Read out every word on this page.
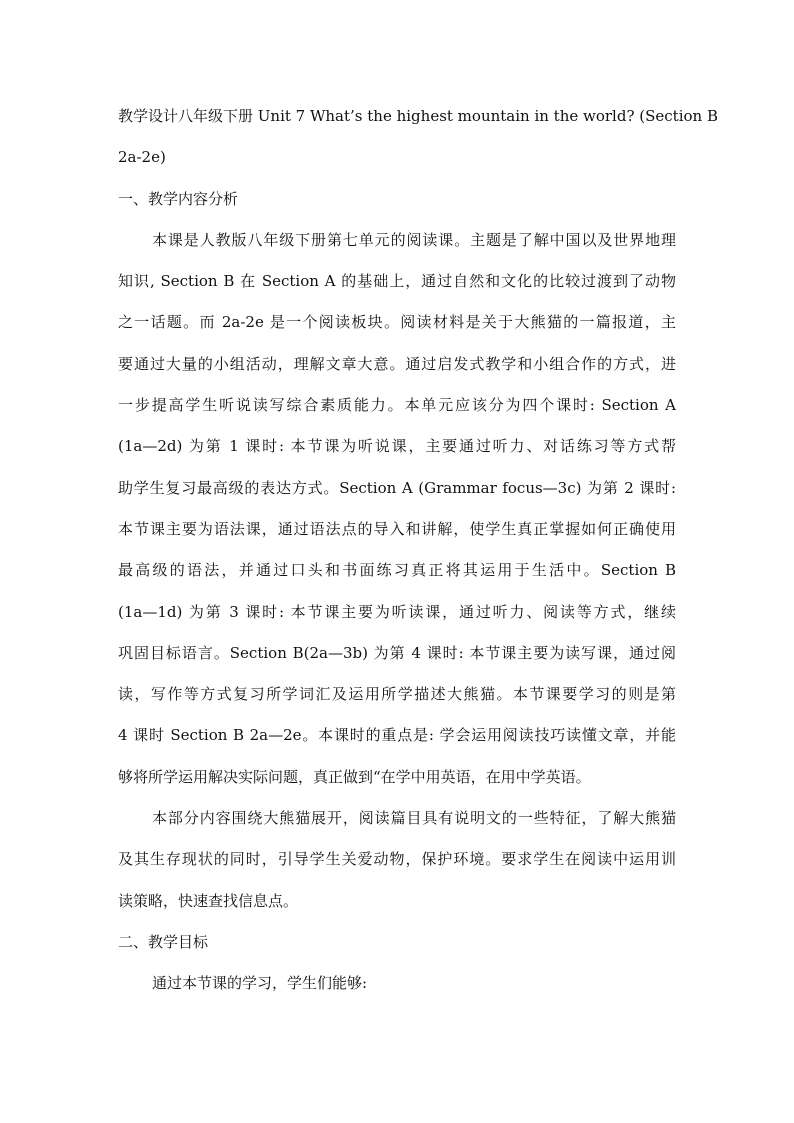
教学设计八年级下册 Unit 7 What’s the highest mountain in the world? (Section B
2a-2e)
一、教学内容分析
本课是人教版八年级下册第七单元的阅读课。主题是了解中国以及世界地理
知识, Section B 在 Section A 的基础上，通过自然和文化的比较过渡到了动物
之一话题。而 2a-2e 是一个阅读板块。阅读材料是关于大熊猫的一篇报道，主
要通过大量的小组活动，理解文章大意。通过启发式教学和小组合作的方式，进
一步提高学生听说读写综合素质能力。本单元应该分为四个课时: Section A
(1a—2d) 为第 1 课时: 本节课为听说课，主要通过听力、对话练习等方式帮
助学生复习最高级的表达方式。Section A (Grammar focus—3c) 为第 2 课时:
本节课主要为语法课，通过语法点的导入和讲解，使学生真正掌握如何正确使用
最高级的语法，并通过口头和书面练习真正将其运用于生活中。Section B
(1a—1d) 为第 3 课时: 本节课主要为听读课，通过听力、阅读等方式，继续
巩固目标语言。Section B(2a—3b) 为第 4 课时: 本节课主要为读写课，通过阅
读，写作等方式复习所学词汇及运用所学描述大熊猫。本节课要学习的则是第
4 课时 Section B 2a—2e。本课时的重点是: 学会运用阅读技巧读懂文章，并能
够将所学运用解决实际问题，真正做到“在学中用英语，在用中学英语。
本部分内容围绕大熊猫展开，阅读篇目具有说明文的一些特征，了解大熊猫
及其生存现状的同时，引导学生关爱动物，保护环境。要求学生在阅读中运用训
读策略，快速查找信息点。
二、教学目标
通过本节课的学习，学生们能够:
